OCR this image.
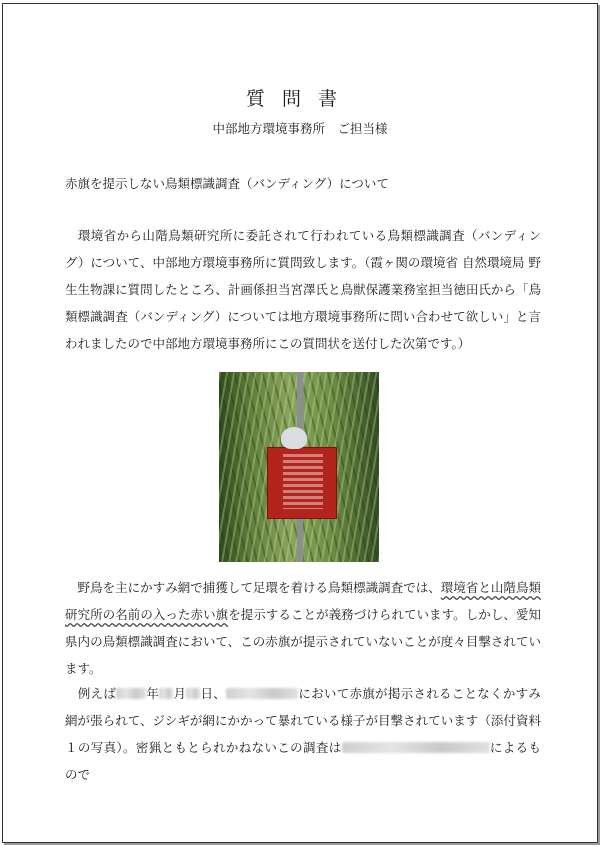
質問書
中部地方環境事務所　ご担当様
赤旗を提示しない鳥類標識調査（バンディング）について

　環境省から山階鳥類研究所に委託されて行われている鳥類標識調査（バンディング）について、中部地方環境事務所に質問致します。（霞ヶ関の環境省 自然環境局 野生生物課に質問したところ、計画係担当宮澤氏と鳥獣保護業務室担当徳田氏から「鳥類標識調査（バンディング）については地方環境事務所に問い合わせて欲しい」と言われましたので中部地方環境事務所にこの質問状を送付した次第です。）

　野鳥を主にかすみ網で捕獲して足環を着ける鳥類標識調査では、環境省と山階鳥類研究所の名前の入った赤い旗を提示することが義務づけられています。しかし、愛知県内の鳥類標識調査において、この赤旗が提示されていないことが度々目撃されています。

　例えば 年 月 日、	において赤旗が掲示されることなくかすみ網が張られて、ジシギが網にかかって暴れている様子が目撃されています（添付資料１の写真）。密猟ともとられかねないこの調査は	によるもので
